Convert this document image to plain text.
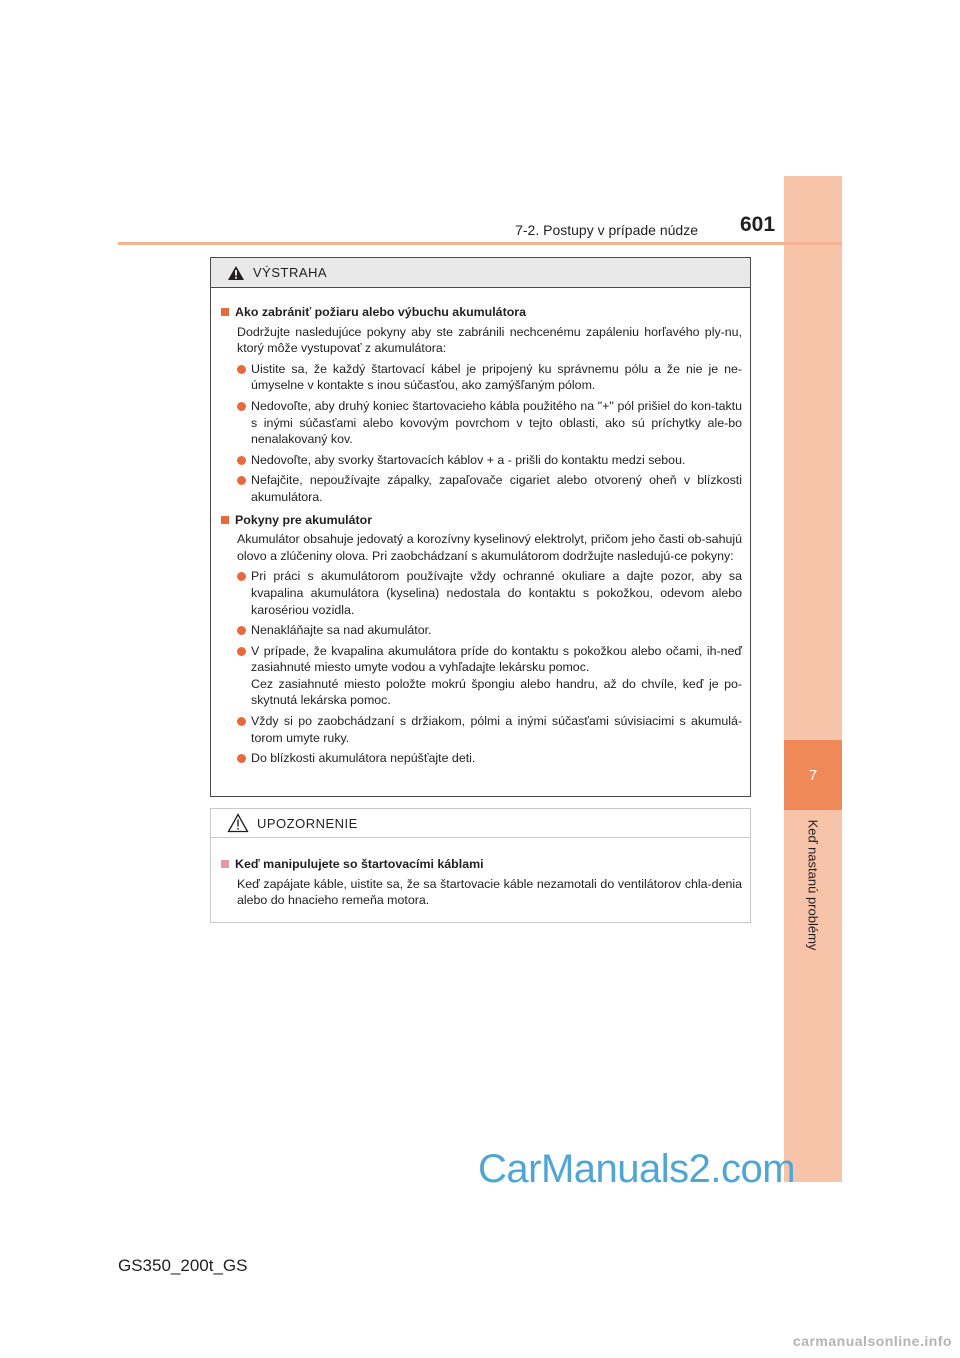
7
Keď nastanú problémy
7-2. Postupy v prípade núdze 601
VÝSTRAHA
Ako zabrániť požiaru alebo výbuchu akumulátora
Dodržujte nasledujúce pokyny aby ste zabránili nechcenému zapáleniu horľavého ply-nu, ktorý môže vystupovať z akumulátora:
Uistite sa, že každý štartovací kábel je pripojený ku správnemu pólu a že nie je ne-úmyselne v kontakte s inou súčasťou, ako zamýšľaným pólom.
Nedovoľte, aby druhý koniec štartovacieho kábla použitého na "+" pól prišiel do kon-taktu s inými súčasťami alebo kovovým povrchom v tejto oblasti, ako sú príchytky ale-bo nenalakovaný kov.
Nedovoľte, aby svorky štartovacích káblov + a - prišli do kontaktu medzi sebou.
Nefajčite, nepoužívajte zápalky, zapaľovače cigariet alebo otvorený oheň v blízkosti akumulátora.
Pokyny pre akumulátor
Akumulátor obsahuje jedovatý a korozívny kyselinový elektrolyt, pričom jeho časti ob-sahujú olovo a zlúčeniny olova. Pri zaobchádzaní s akumulátorom dodržujte nasledujú-ce pokyny:
Pri práci s akumulátorom používajte vždy ochranné okuliare a dajte pozor, aby sa kvapalina akumulátora (kyselina) nedostala do kontaktu s pokožkou, odevom alebo karosériou vozidla.
Nenakláňajte sa nad akumulátor.
V prípade, že kvapalina akumulátora príde do kontaktu s pokožkou alebo očami, ih-neď zasiahnuté miesto umyte vodou a vyhľadajte lekársku pomoc.
Cez zasiahnuté miesto položte mokrú špongiu alebo handru, až do chvíle, keď je po-skytnutá lekárska pomoc.
Vždy si po zaobchádzaní s držiakom, pólmi a inými súčasťami súvisiacimi s akumulá-torom umyte ruky.
Do blízkosti akumulátora nepúšťajte deti.
UPOZORNENIE
Keď manipulujete so štartovacími káblami
Keď zapájate káble, uistite sa, že sa štartovacie káble nezamotali do ventilátorov chla-denia alebo do hnacieho remeňa motora.
GS350_200t_GS
CarManuals2.com
carmanualsonline.info
